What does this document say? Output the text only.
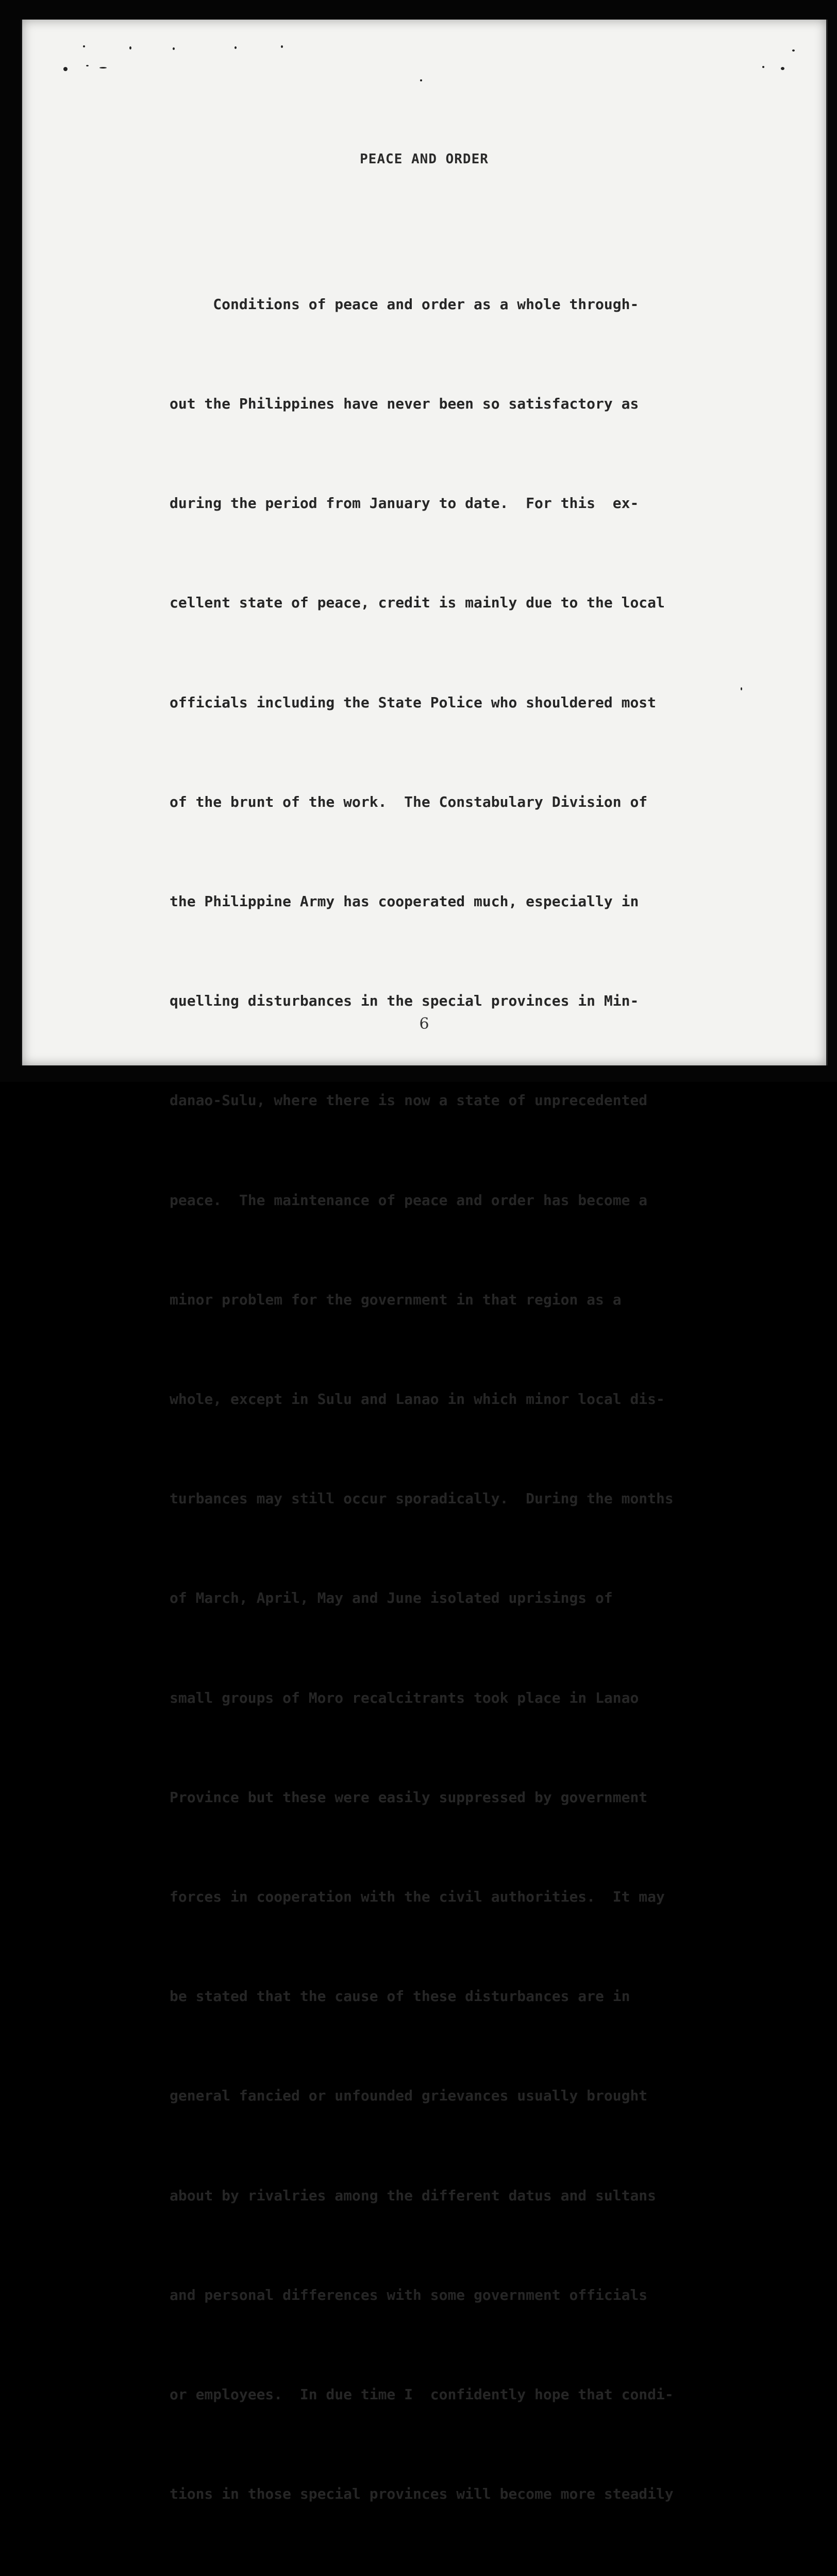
PEACE AND ORDER

Conditions of peace and order as a whole through-

out the Philippines have never been so satisfactory as

during the period from January to date.  For this  ex-

cellent state of peace, credit is mainly due to the local

officials including the State Police who shouldered most

of the brunt of the work.  The Constabulary Division of

the Philippine Army has cooperated much, especially in

quelling disturbances in the special provinces in Min-

danao-Sulu, where there is now a state of unprecedented

peace.  The maintenance of peace and order has become a

minor problem for the government in that region as a

whole, except in Sulu and Lanao in which minor local dis-

turbances may still occur sporadically.  During the months

of March, April, May and June isolated uprisings of

small groups of Moro recalcitrants took place in Lanao

Province but these were easily suppressed by government

forces in cooperation with the civil authorities.  It may

be stated that the cause of these disturbances are in

general fancied or unfounded grievances usually brought

about by rivalries among the different datus and sultans

and personal differences with some government officials

or employees.  In due time I  confidently hope that condi-

tions in those special provinces will become more steadily

6
